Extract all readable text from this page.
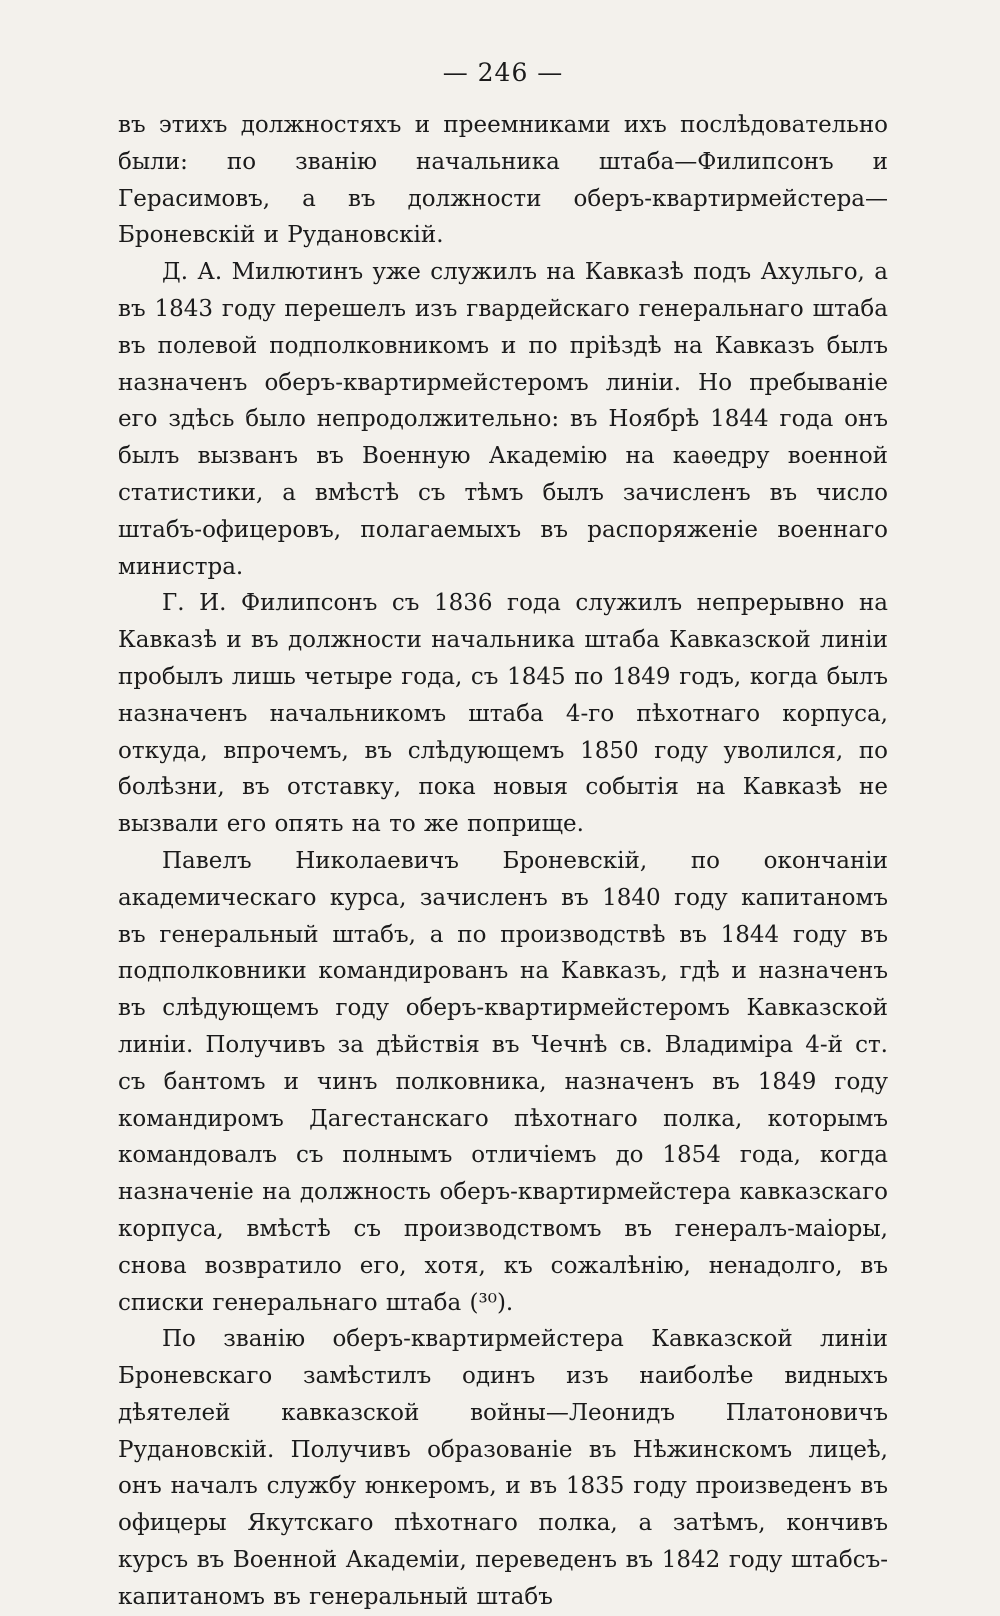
— 246 —

въ этихъ должностяхъ и преемниками ихъ послѣдовательно были: по званію начальника штаба—Филипсонъ и Герасимовъ, а въ должности оберъ-квартирмейстера—Броневскій и Рудановскій.

Д. А. Милютинъ уже служилъ на Кавказѣ подъ Ахульго, а въ 1843 году перешелъ изъ гвардейскаго генеральнаго штаба въ полевой подполковникомъ и по пріѣздѣ на Кавказъ былъ назначенъ оберъ-квартирмейстеромъ линіи. Но пребываніе его здѣсь было непродолжительно: въ Ноябрѣ 1844 года онъ былъ вызванъ въ Военную Академію на каѳедру военной статистики, а вмѣстѣ съ тѣмъ былъ зачисленъ въ число штабъ-офицеровъ, полагаемыхъ въ распоряженіе военнаго министра.

Г. И. Филипсонъ съ 1836 года служилъ непрерывно на Кавказѣ и въ должности начальника штаба Кавказской линіи пробылъ лишь четыре года, съ 1845 по 1849 годъ, когда былъ назначенъ начальникомъ штаба 4-го пѣхотнаго корпуса, откуда, впрочемъ, въ слѣдующемъ 1850 году уволился, по болѣзни, въ отставку, пока новыя событія на Кавказѣ не вызвали его опять на то же поприще.

Павелъ Николаевичъ Броневскій, по окончаніи академическаго курса, зачисленъ въ 1840 году капитаномъ въ генеральный штабъ, а по производствѣ въ 1844 году въ подполковники командированъ на Кавказъ, гдѣ и назначенъ въ слѣдующемъ году оберъ-квартирмейстеромъ Кавказской линіи. Получивъ за дѣйствія въ Чечнѣ св. Владиміра 4-й ст. съ бантомъ и чинъ полковника, назначенъ въ 1849 году командиромъ Дагестанскаго пѣхотнаго полка, которымъ командовалъ съ полнымъ отличіемъ до 1854 года, когда назначеніе на должность оберъ-квартирмейстера кавказскаго корпуса, вмѣстѣ съ производствомъ въ генералъ-маіоры, снова возвратило его, хотя, къ сожалѣнію, ненадолго, въ списки генеральнаго штаба (³⁰).

По званію оберъ-квартирмейстера Кавказской линіи Броневскаго замѣстилъ одинъ изъ наиболѣе видныхъ дѣятелей кавказской войны—Леонидъ Платоновичъ Рудановскій. Получивъ образованіе въ Нѣжинскомъ лицеѣ, онъ началъ службу юнкеромъ, и въ 1835 году произведенъ въ офицеры Якутскаго пѣхотнаго полка, а затѣмъ, кончивъ курсъ въ Военной Академіи, переведенъ въ 1842 году штабсъ-капитаномъ въ генеральный штабъ
